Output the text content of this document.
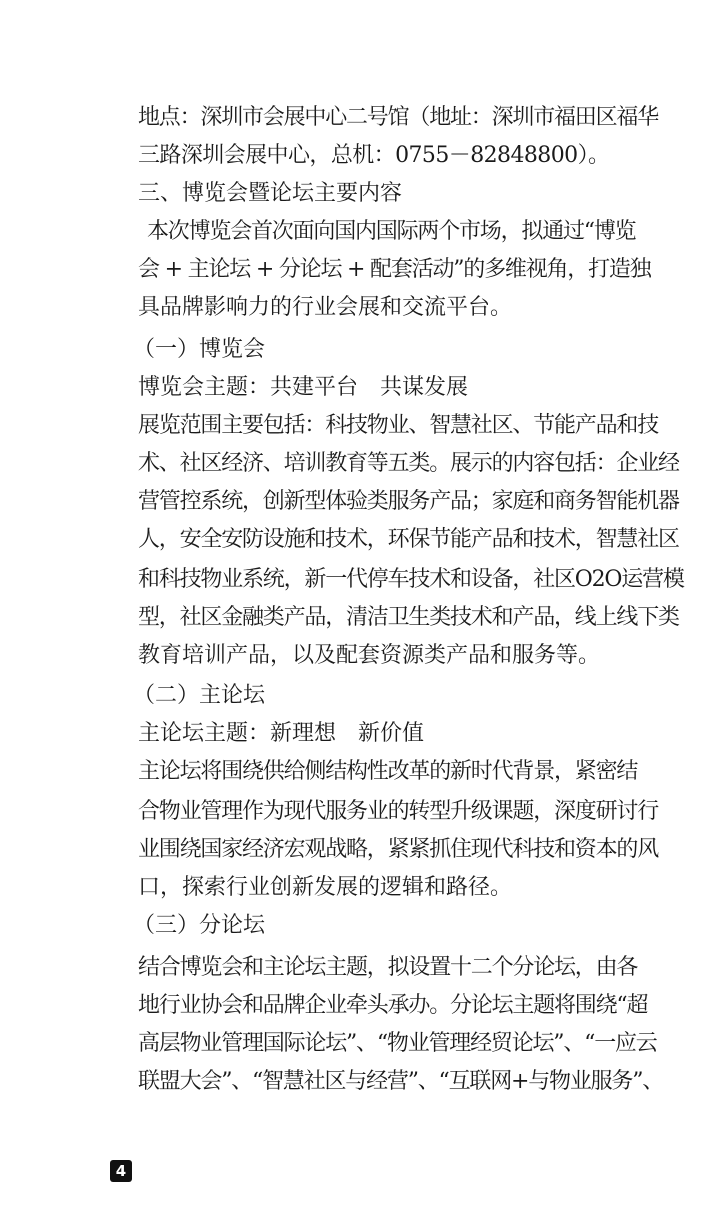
地点：深圳市会展中心二号馆（地址：深圳市福田区福华
三路深圳会展中心，总机：0755－82848800）。
三、博览会暨论坛主要内容
本次博览会首次面向国内国际两个市场，拟通过“博览
会 + 主论坛 + 分论坛 + 配套活动”的多维视角，打造独
具品牌影响力的行业会展和交流平台。
（一）博览会
博览会主题：共建平台　共谋发展
展览范围主要包括：科技物业、智慧社区、节能产品和技
术、社区经济、培训教育等五类。展示的内容包括：企业经
营管控系统，创新型体验类服务产品；家庭和商务智能机器
人，安全安防设施和技术，环保节能产品和技术，智慧社区
和科技物业系统，新一代停车技术和设备，社区O2O运营模
型，社区金融类产品，清洁卫生类技术和产品，线上线下类
教育培训产品，以及配套资源类产品和服务等。
（二）主论坛
主论坛主题：新理想　新价值
主论坛将围绕供给侧结构性改革的新时代背景，紧密结
合物业管理作为现代服务业的转型升级课题，深度研讨行
业围绕国家经济宏观战略，紧紧抓住现代科技和资本的风
口，探索行业创新发展的逻辑和路径。
（三）分论坛
结合博览会和主论坛主题，拟设置十二个分论坛，由各
地行业协会和品牌企业牵头承办。分论坛主题将围绕“超
高层物业管理国际论坛”、“物业管理经贸论坛”、“一应云
联盟大会”、“智慧社区与经营”、“互联网+与物业服务”、
4
